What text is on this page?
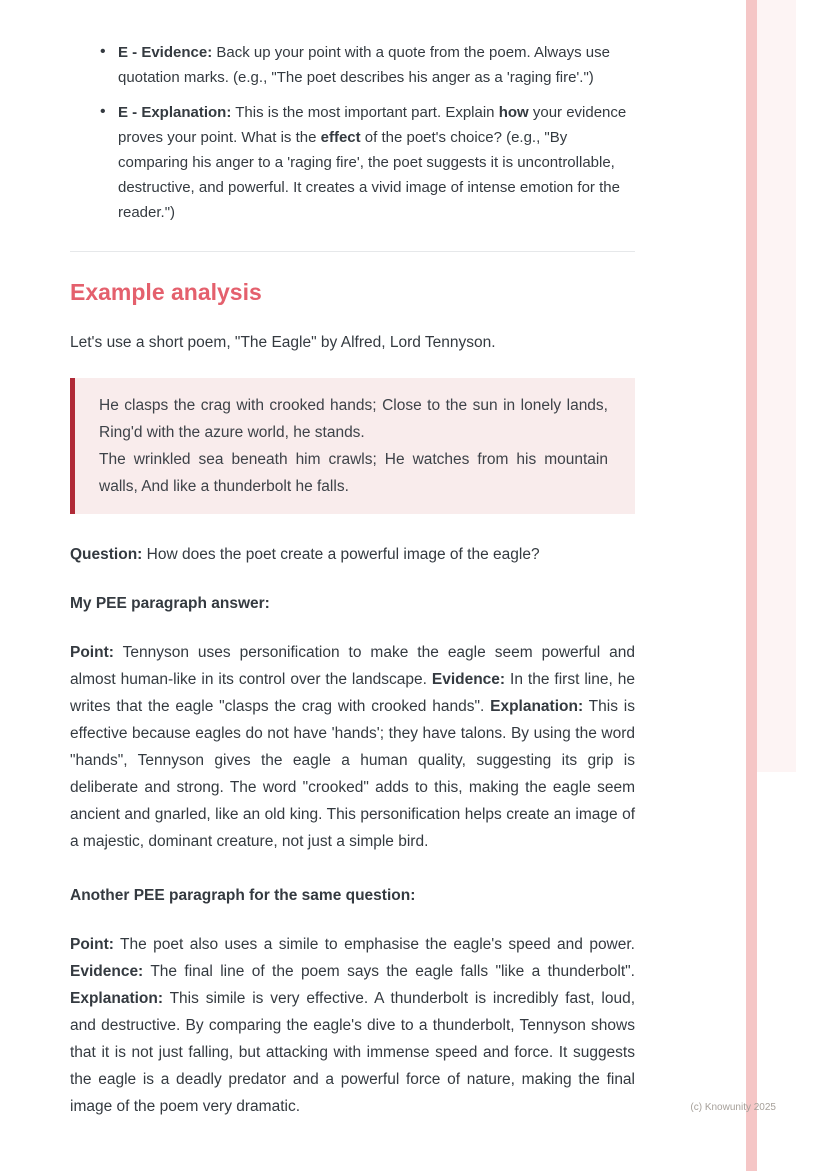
• E - Evidence: Back up your point with a quote from the poem. Always use quotation marks. (e.g., "The poet describes his anger as a 'raging fire'.")
• E - Explanation: This is the most important part. Explain how your evidence proves your point. What is the effect of the poet's choice? (e.g., "By comparing his anger to a 'raging fire', the poet suggests it is uncontrollable, destructive, and powerful. It creates a vivid image of intense emotion for the reader.")
Example analysis

Let's use a short poem, "The Eagle" by Alfred, Lord Tennyson.

He clasps the crag with crooked hands; Close to the sun in lonely lands, Ring'd with the azure world, he stands.

The wrinkled sea beneath him crawls; He watches from his mountain walls, And like a thunderbolt he falls.

Question: How does the poet create a powerful image of the eagle?

My PEE paragraph answer:

Point: Tennyson uses personification to make the eagle seem powerful and almost human-like in its control over the landscape. Evidence: In the first line, he writes that the eagle "clasps the crag with crooked hands". Explanation: This is effective because eagles do not have 'hands'; they have talons. By using the word "hands", Tennyson gives the eagle a human quality, suggesting its grip is deliberate and strong. The word "crooked" adds to this, making the eagle seem ancient and gnarled, like an old king. This personification helps create an image of a majestic, dominant creature, not just a simple bird.

Another PEE paragraph for the same question:

Point: The poet also uses a simile to emphasise the eagle's speed and power. Evidence: The final line of the poem says the eagle falls "like a thunderbolt". Explanation: This simile is very effective. A thunderbolt is incredibly fast, loud, and destructive. By comparing the eagle's dive to a thunderbolt, Tennyson shows that it is not just falling, but attacking with immense speed and force. It suggests the eagle is a deadly predator and a powerful force of nature, making the final image of the poem very dramatic.	(c) Knowunity 2025
